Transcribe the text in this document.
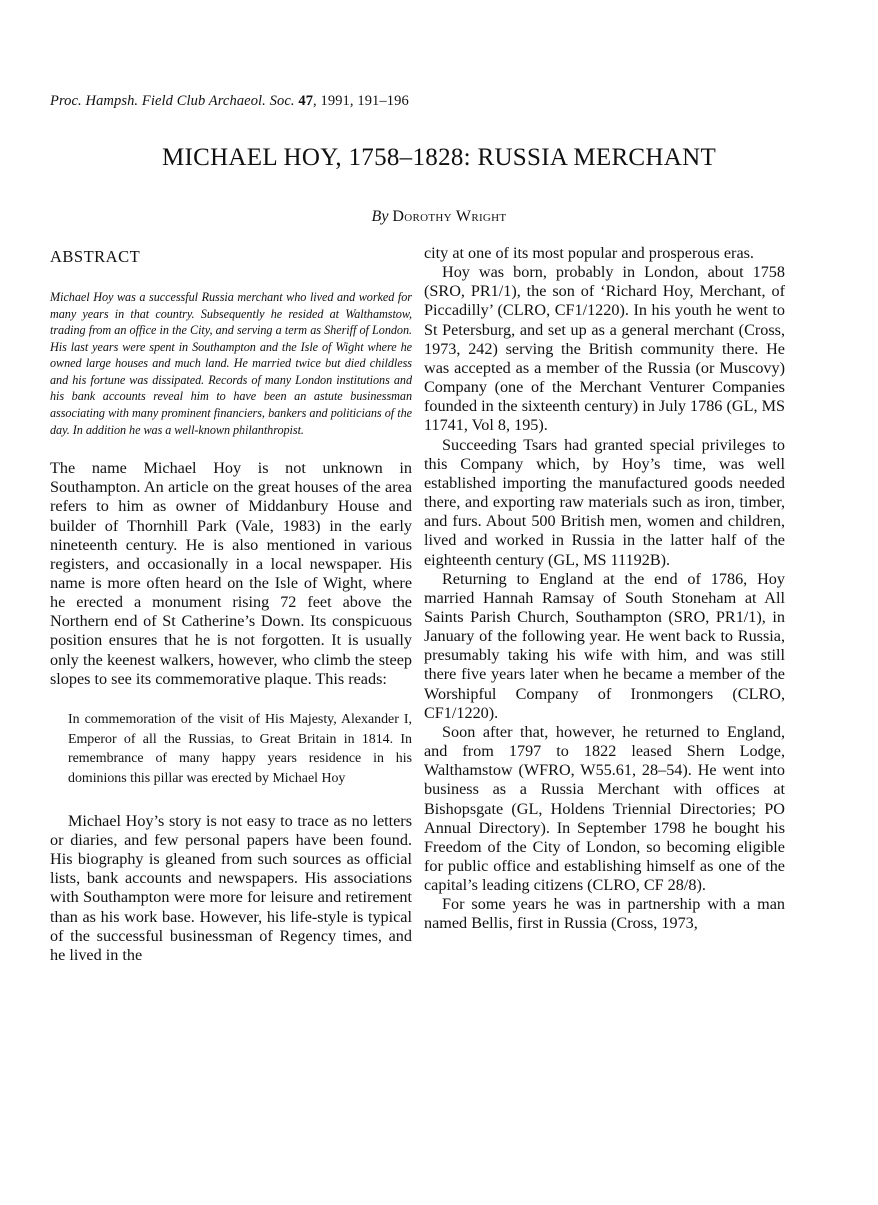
Proc. Hampsh. Field Club Archaeol. Soc. 47, 1991, 191–196
MICHAEL HOY, 1758–1828: RUSSIA MERCHANT
By Dorothy Wright
ABSTRACT

Michael Hoy was a successful Russia merchant who lived and worked for many years in that country. Subsequently he resided at Walthamstow, trading from an office in the City, and serving a term as Sheriff of London. His last years were spent in Southampton and the Isle of Wight where he owned large houses and much land. He married twice but died childless and his fortune was dissipated. Records of many London institutions and his bank accounts reveal him to have been an astute businessman associating with many prominent financiers, bankers and politicians of the day. In addition he was a well-known philanthropist.

The name Michael Hoy is not unknown in Southampton. An article on the great houses of the area refers to him as owner of Middanbury House and builder of Thornhill Park (Vale, 1983) in the early nineteenth century. He is also mentioned in various registers, and occasionally in a local newspaper. His name is more often heard on the Isle of Wight, where he erected a monument rising 72 feet above the Northern end of St Catherine’s Down. Its conspicuous position ensures that he is not forgotten. It is usually only the keenest walkers, however, who climb the steep slopes to see its commemorative plaque. This reads:

In commemoration of the visit of His Majesty, Alexander I, Emperor of all the Russias, to Great Britain in 1814. In remembrance of many happy years residence in his dominions this pillar was erected by Michael Hoy

Michael Hoy’s story is not easy to trace as no letters or diaries, and few personal papers have been found. His biography is gleaned from such sources as official lists, bank accounts and newspapers. His associations with Southampton were more for leisure and retirement than as his work base. However, his life-style is typical of the successful businessman of Regency times, and he lived in the

city at one of its most popular and prosperous eras.

Hoy was born, probably in London, about 1758 (SRO, PR1/1), the son of ‘Richard Hoy, Merchant, of Piccadilly’ (CLRO, CF1/1220). In his youth he went to St Petersburg, and set up as a general merchant (Cross, 1973, 242) serving the British community there. He was accepted as a member of the Russia (or Muscovy) Company (one of the Merchant Venturer Companies founded in the sixteenth century) in July 1786 (GL, MS 11741, Vol 8, 195).

Succeeding Tsars had granted special privileges to this Company which, by Hoy’s time, was well established importing the manufactured goods needed there, and exporting raw materials such as iron, timber, and furs. About 500 British men, women and children, lived and worked in Russia in the latter half of the eighteenth century (GL, MS 11192B).

Returning to England at the end of 1786, Hoy married Hannah Ramsay of South Stoneham at All Saints Parish Church, Southampton (SRO, PR1/1), in January of the following year. He went back to Russia, presumably taking his wife with him, and was still there five years later when he became a member of the Worshipful Company of Ironmongers (CLRO, CF1/1220).

Soon after that, however, he returned to England, and from 1797 to 1822 leased Shern Lodge, Walthamstow (WFRO, W55.61, 28–54). He went into business as a Russia Merchant with offices at Bishopsgate (GL, Holdens Triennial Directories; PO Annual Directory). In September 1798 he bought his Freedom of the City of London, so becoming eligible for public office and establishing himself as one of the capital’s leading citizens (CLRO, CF 28/8).

For some years he was in partnership with a man named Bellis, first in Russia (Cross, 1973,
